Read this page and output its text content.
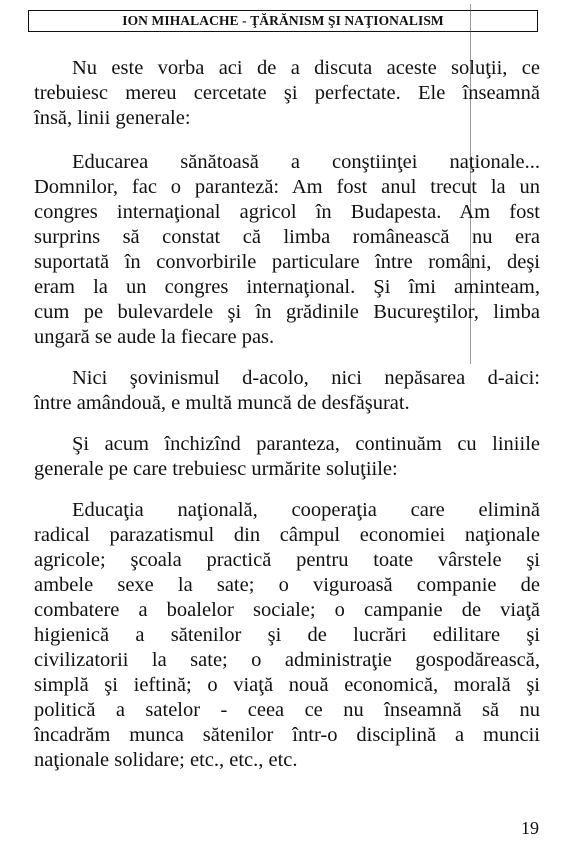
ION MIHALACHE - ŢĂRĂNISM ŞI NAŢIONALISM

Nu este vorba aci de a discuta aceste soluţii, ce
trebuiesc mereu cercetate şi perfectate. Ele înseamnă
însă, linii generale:

Educarea sănătoasă a conştiinţei naţionale...
Domnilor, fac o paranteză: Am fost anul trecut la un
congres internaţional agricol în Budapesta. Am fost
surprins să constat că limba românească nu era
suportată în convorbirile particulare între români, deşi
eram la un congres internaţional. Şi îmi aminteam,
cum pe bulevardele şi în grădinile Bucureştilor, limba
ungară se aude la fiecare pas.

Nici şovinismul d-acolo, nici nepăsarea d-aici:
între amândouă, e multă muncă de desfăşurat.

Şi acum închizînd paranteza, continuăm cu liniile
generale pe care trebuiesc urmărite soluţiile:

Educaţia naţională, cooperaţia care elimină
radical parazatismul din câmpul economiei naţionale
agricole; şcoala practică pentru toate vârstele şi
ambele sexe la sate; o viguroasă companie de
combatere a boalelor sociale; o campanie de viaţă
higienică a sătenilor şi de lucrări edilitare şi
civilizatorii la sate; o administraţie gospodărească,
simplă şi ieftină; o viaţă nouă economică, morală şi
politică a satelor - ceea ce nu înseamnă să nu
încadrăm munca sătenilor într-o disciplină a muncii
naţionale solidare; etc., etc., etc.

19
